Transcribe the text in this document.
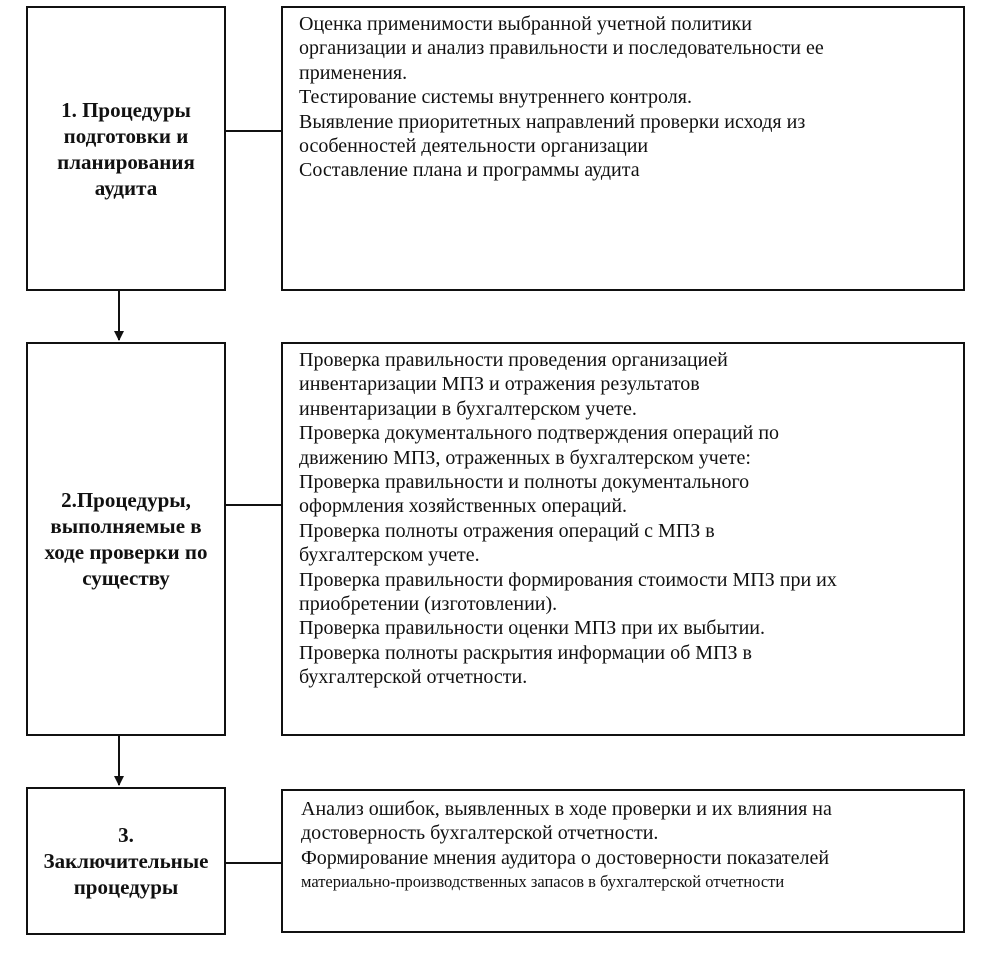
1. Процедуры подготовки и планирования аудита
Оценка применимости выбранной учетной политики
организации и анализ правильности и последовательности ее
применения.
Тестирование системы внутреннего контроля.
Выявление приоритетных направлений проверки исходя из
особенностей деятельности организации
Составление плана и программы аудита
2.Процедуры, выполняемые в ходе проверки по существу
Проверка правильности проведения организацией
инвентаризации МПЗ и отражения результатов
инвентаризации в бухгалтерском учете.
Проверка документального подтверждения операций по
движению МПЗ, отраженных в бухгалтерском учете:
Проверка правильности и полноты документального
оформления хозяйственных операций.
Проверка полноты отражения операций с МПЗ в
бухгалтерском учете.
Проверка правильности формирования стоимости МПЗ при их
приобретении (изготовлении).
Проверка правильности оценки МПЗ при их выбытии.
Проверка полноты раскрытия информации об МПЗ в
бухгалтерской отчетности.
3. Заключительные процедуры
Анализ ошибок, выявленных в ходе проверки и их влияния на
достоверность бухгалтерской отчетности.
Формирование мнения аудитора о достоверности показателей
материально-производственных запасов в бухгалтерской отчетности
